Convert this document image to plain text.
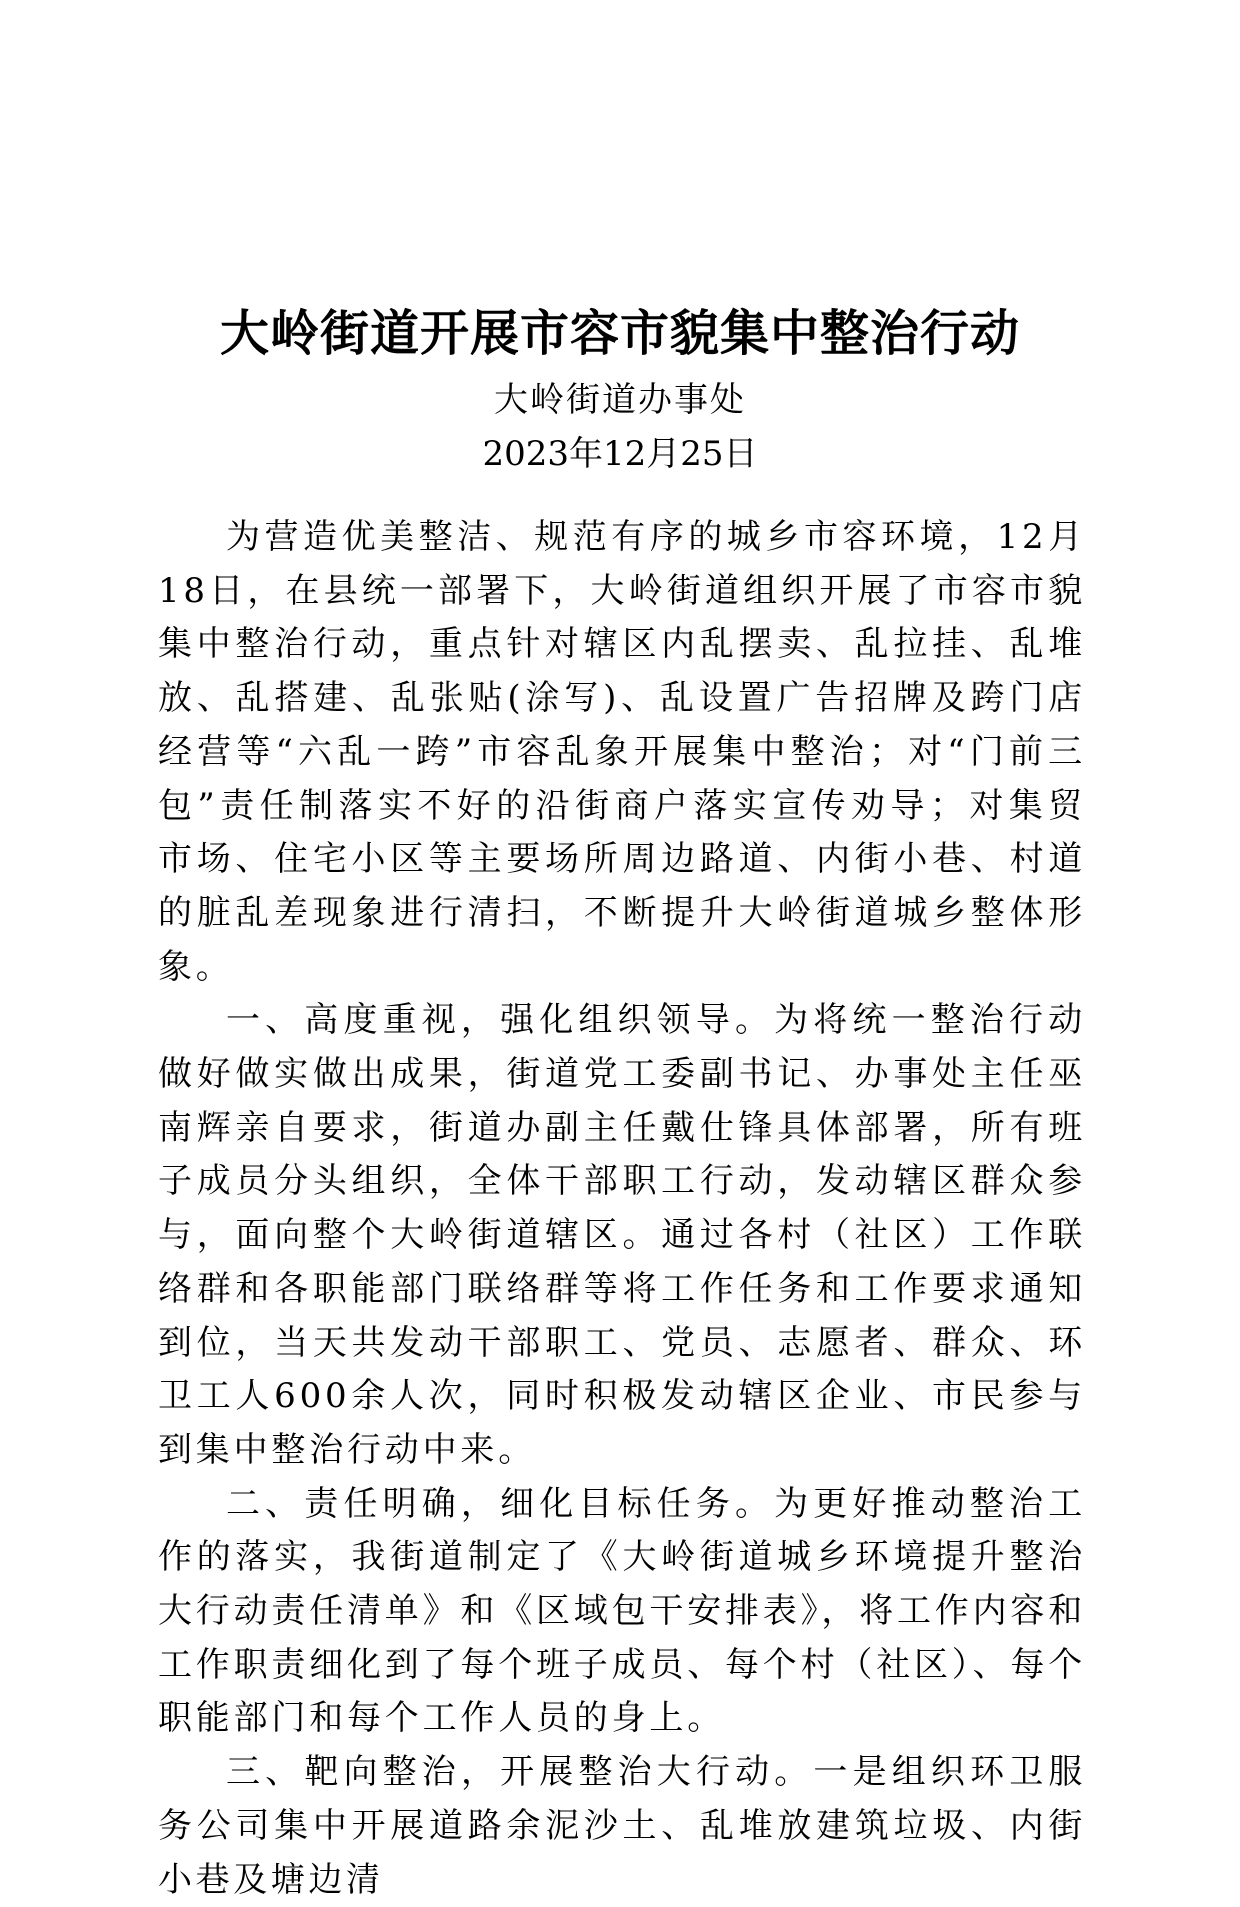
大岭街道开展市容市貌集中整治行动
大岭街道办事处
2023年12月25日

为营造优美整洁、规范有序的城乡市容环境，12月18日，在县统一部署下，大岭街道组织开展了市容市貌集中整治行动，重点针对辖区内乱摆卖、乱拉挂、乱堆放、乱搭建、乱张贴(涂写)、乱设置广告招牌及跨门店经营等“六乱一跨”市容乱象开展集中整治；对“门前三包”责任制落实不好的沿街商户落实宣传劝导；对集贸市场、住宅小区等主要场所周边路道、内街小巷、村道的脏乱差现象进行清扫，不断提升大岭街道城乡整体形象。

一、高度重视，强化组织领导。为将统一整治行动做好做实做出成果，街道党工委副书记、办事处主任巫南辉亲自要求，街道办副主任戴仕锋具体部署，所有班子成员分头组织，全体干部职工行动，发动辖区群众参与，面向整个大岭街道辖区。通过各村（社区）工作联络群和各职能部门联络群等将工作任务和工作要求通知到位，当天共发动干部职工、党员、志愿者、群众、环卫工人600余人次，同时积极发动辖区企业、市民参与到集中整治行动中来。

二、责任明确，细化目标任务。为更好推动整治工作的落实，我街道制定了《大岭街道城乡环境提升整治大行动责任清单》和《区域包干安排表》，将工作内容和工作职责细化到了每个班子成员、每个村（社区）、每个职能部门和每个工作人员的身上。

三、靶向整治，开展整治大行动。一是组织环卫服务公司集中开展道路余泥沙土、乱堆放建筑垃圾、内街小巷及塘边清
